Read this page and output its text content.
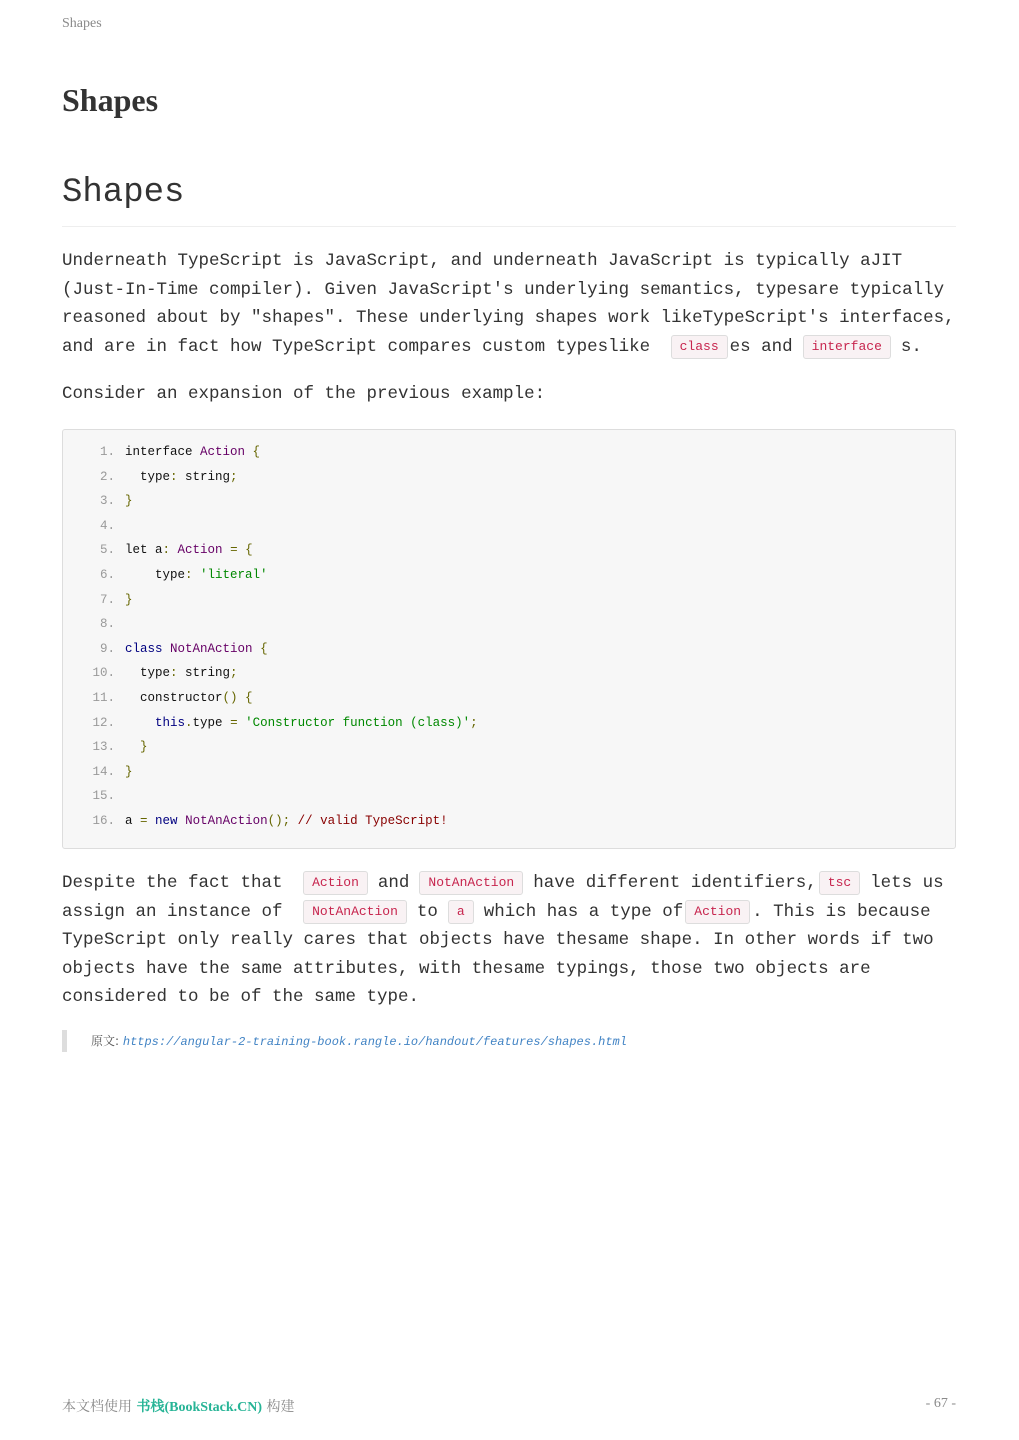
Shapes
Shapes
Shapes
Underneath TypeScript is JavaScript, and underneath JavaScript is typically aJIT
(Just-In-Time compiler). Given JavaScript's underlying semantics, typesare typically
reasoned about by "shapes". These underlying shapes work likeTypeScript's interfaces,
and are in fact how TypeScript compares custom typeslike class es and interface s.

Consider an expansion of the previous example:

1. interface Action {
2.  type: string;
3. }
4.
5. let a: Action = {
6.    type: 'literal'
7. }
8.
9. class NotAnAction {
10.  type: string;
11.  constructor() {
12.	this.type = 'Constructor function (class)';
13. }
14. }
15.
16. a = new NotAnAction(); // valid TypeScript!
Despite the fact that Action and NotAnAction have different identifiers, tsc lets us
assign an instance of NotAnAction to a which has a type of Action . This is because
TypeScript only really cares that objects have thesame shape. In other words if two
objects have the same attributes, with thesame typings, those two objects are
considered to be of the same type.
原文: https://angular-2-training-book.rangle.io/handout/features/shapes.html
本文档使用 书栈(BookStack.CN) 构建	- 67 -
